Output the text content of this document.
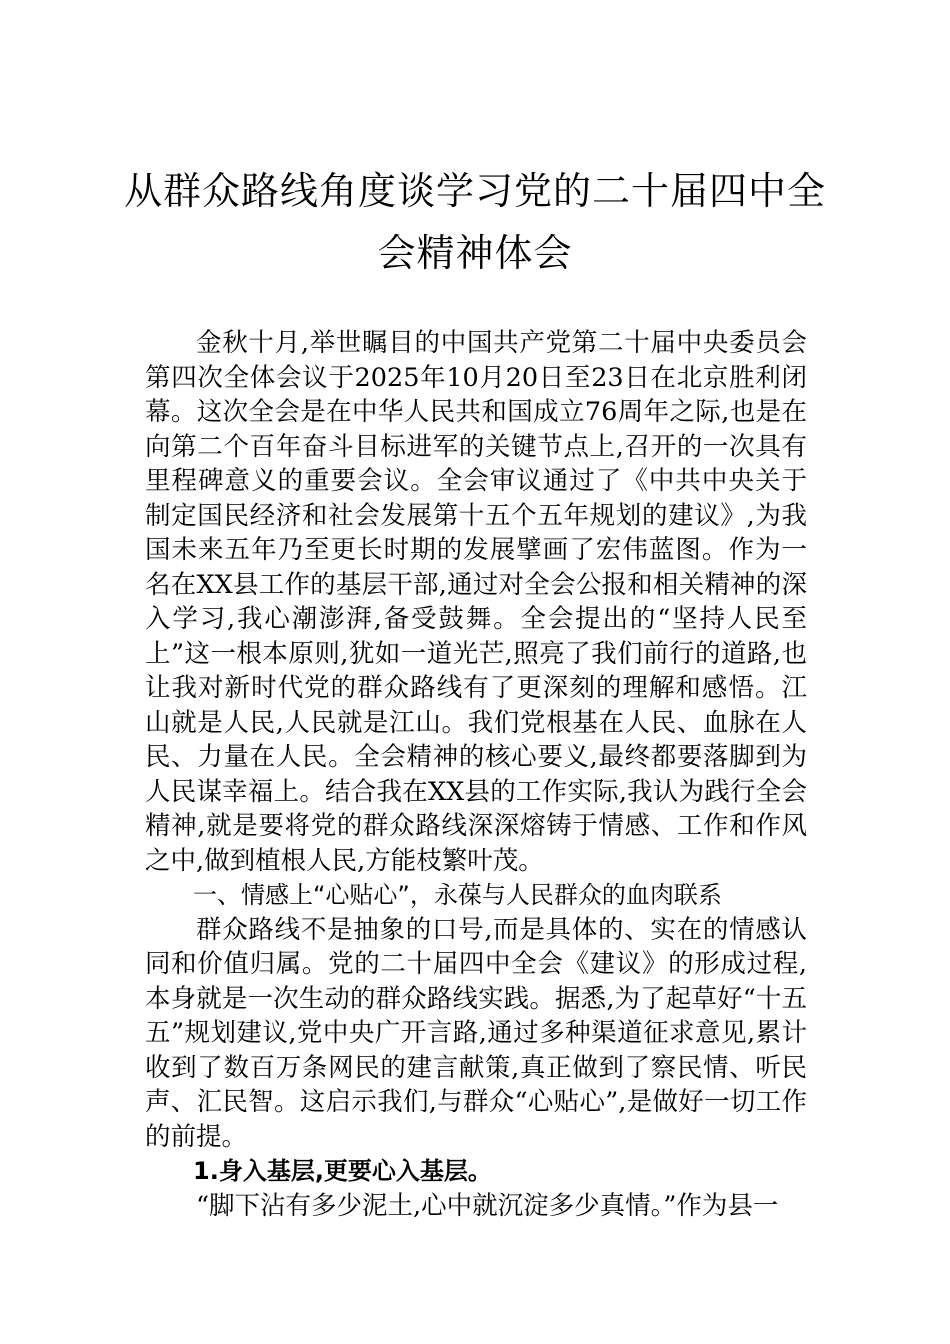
从群众路线角度谈学习党的二十届四中全
会精神体会

金秋十月,举世瞩目的中国共产党第二十届中央委员会第四次全体会议于2025年10月20日至23日在北京胜利闭幕。这次全会是在中华人民共和国成立76周年之际,也是在向第二个百年奋斗目标进军的关键节点上,召开的一次具有里程碑意义的重要会议。全会审议通过了《中共中央关于制定国民经济和社会发展第十五个五年规划的建议》,为我国未来五年乃至更长时期的发展擘画了宏伟蓝图。作为一名在XX县工作的基层干部,通过对全会公报和相关精神的深入学习,我心潮澎湃,备受鼓舞。全会提出的“坚持人民至上”这一根本原则,犹如一道光芒,照亮了我们前行的道路,也让我对新时代党的群众路线有了更深刻的理解和感悟。江山就是人民,人民就是江山。我们党根基在人民、血脉在人民、力量在人民。全会精神的核心要义,最终都要落脚到为人民谋幸福上。结合我在XX县的工作实际,我认为践行全会精神,就是要将党的群众路线深深熔铸于情感、工作和作风之中,做到植根人民,方能枝繁叶茂。

一、情感上“心贴心”，永葆与人民群众的血肉联系

群众路线不是抽象的口号,而是具体的、实在的情感认同和价值归属。党的二十届四中全会《建议》的形成过程,本身就是一次生动的群众路线实践。据悉,为了起草好“十五五”规划建议,党中央广开言路,通过多种渠道征求意见,累计收到了数百万条网民的建言献策,真正做到了察民情、听民声、汇民智。这启示我们,与群众“心贴心”,是做好一切工作的前提。

1.身入基层,更要心入基层。

“脚下沾有多少泥土,心中就沉淀多少真情。”作为县一
